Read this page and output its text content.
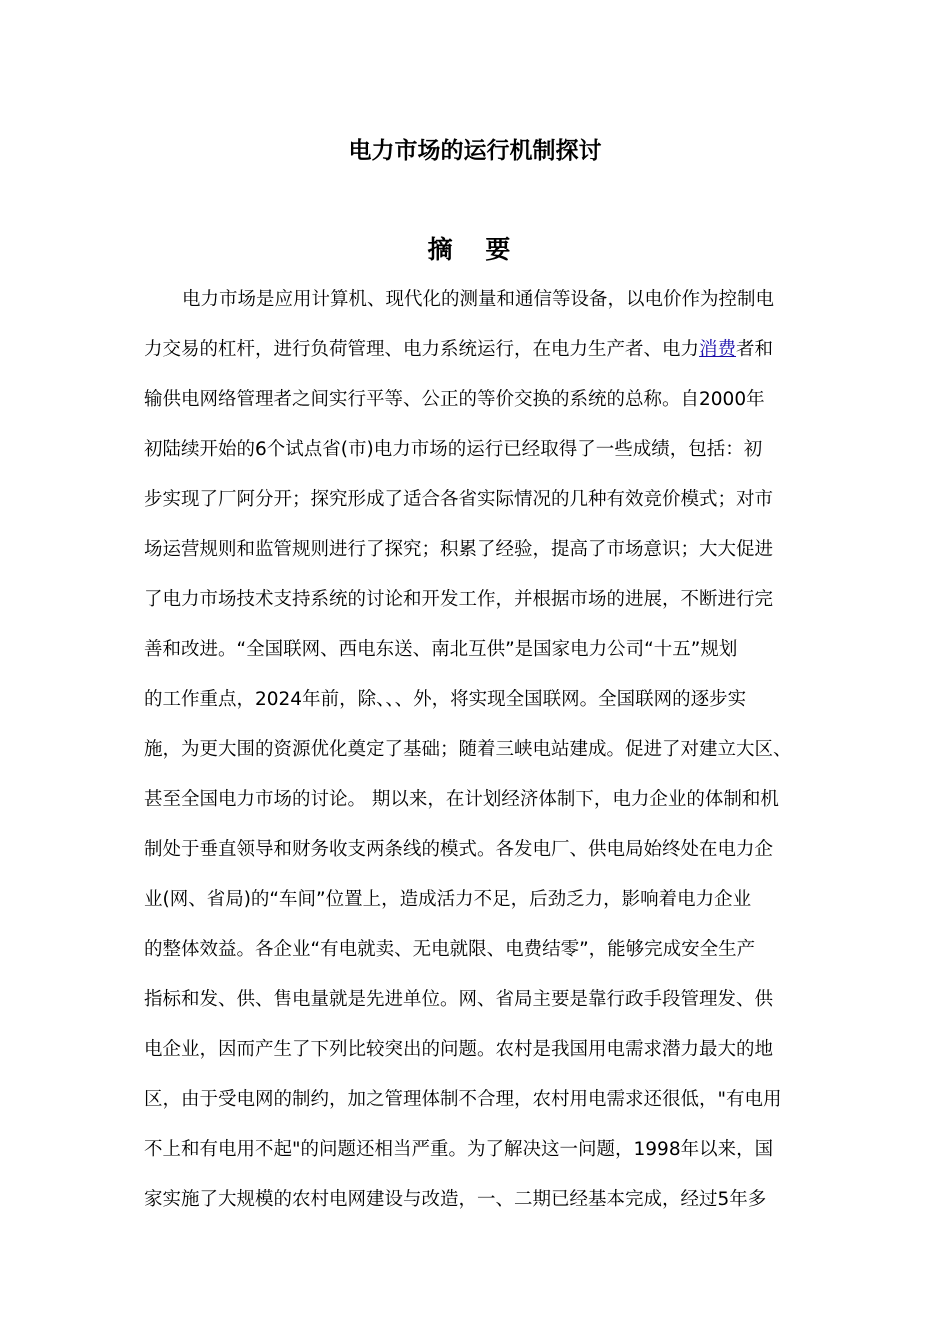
电力市场的运行机制探讨
摘 要
电力市场是应用计算机、现代化的测量和通信等设备，以电价作为控制电
力交易的杠杆，进行负荷管理、电力系统运行，在电力生产者、电力消费者和
输供电网络管理者之间实行平等、公正的等价交换的系统的总称。自2000年
初陆续开始的6个试点省(市)电力市场的运行已经取得了一些成绩，包括：初
步实现了厂阿分开；探究形成了适合各省实际情况的几种有效竞价模式；对市
场运营规则和监管规则进行了探究；积累了经验，提高了市场意识；大大促进
了电力市场技术支持系统的讨论和开发工作，并根据市场的进展，不断进行完
善和改进。“全国联网、西电东送、南北互供”是国家电力公司“十五”规划
的工作重点，2024年前，除、、、外，将实现全国联网。全国联网的逐步实
施，为更大围的资源优化奠定了基础；随着三峡电站建成。促进了对建立大区、
甚至全国电力市场的讨论。 期以来，在计划经济体制下，电力企业的体制和机
制处于垂直领导和财务收支两条线的模式。各发电厂、供电局始终处在电力企
业(网、省局)的“车间”位置上，造成活力不足，后劲乏力，影响着电力企业
的整体效益。各企业“有电就卖、无电就限、电费结零”，能够完成安全生产
指标和发、供、售电量就是先进单位。网、省局主要是靠行政手段管理发、供
电企业，因而产生了下列比较突出的问题。农村是我国用电需求潜力最大的地
区，由于受电网的制约，加之管理体制不合理，农村用电需求还很低，"有电用
不上和有电用不起"的问题还相当严重。为了解决这一问题，1998年以来，国
家实施了大规模的农村电网建设与改造，一、二期已经基本完成，经过5年多
